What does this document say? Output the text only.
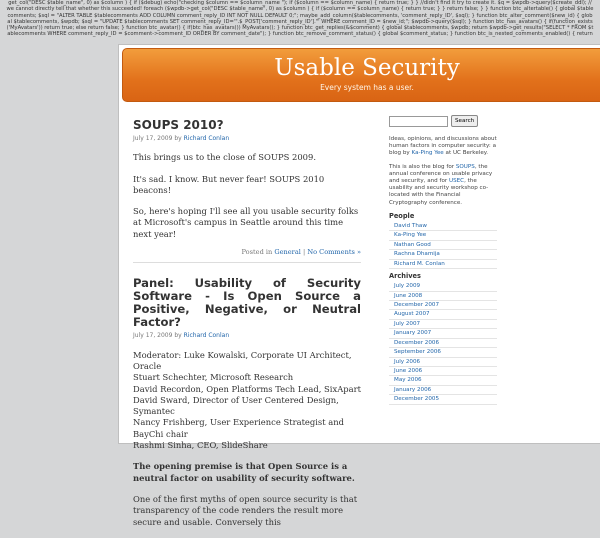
get_col("DESC $table_name", 0) as $column ) { if ($debug) echo("checking $column == $column_name "); if ($column == $column_name) { return true; } } //didn't find it try to create it. $q = $wpdb->query($create_ddl); // we cannot directly tell that whether this succeeded! foreach ($wpdb->get_col("DESC $table_name", 0) as $column ) { if ($column == $column_name) { return true; } } return false; } } function btc_altertable() { global $tablecomments; $sql = "ALTER TABLE $tablecomments ADD COLUMN comment_reply_ID INT NOT NULL DEFAULT 0;"; maybe_add_column($tablecomments, 'comment_reply_ID', $sql); } function btc_alter_comment($new_id) { global $tablecomments, $wpdb; $sql = "UPDATE $tablecomments SET comment_reply_ID='".$_POST['comment_reply_ID']."' WHERE comment_ID = $new_id;"; $wpdb->query($sql); } function btc_has_avatars() { if(function_exists('MyAvatars')) return true; else return false; } function btc_avatar() { if(btc_has_avatars()) MyAvatars(); } function btc_get_replies(&$comment) { global $tablecomments, $wpdb; return $wpdb->get_results("SELECT * FROM $tablecomments WHERE comment_reply_ID = $comment->comment_ID ORDER BY comment_date"); } function btc_remove_comment_status() { global $comment_status; } function btc_is_nested_comments_enabled() { return
Usable Security
Every system has a user.
SOUPS 2010?
July 17, 2009 by Richard Conlan

This brings us to the close of SOUPS 2009.

It's sad. I know. But never fear! SOUPS 2010 beacons!

So, here's hoping I'll see all you usable security folks at Microsoft's campus in Seattle around this time next year!

Posted in General | No Comments »
Panel: Usability of Security Software - Is Open Source a Positive, Negative, or Neutral Factor?
July 17, 2009 by Richard Conlan

Moderator: Luke Kowalski, Corporate UI Architect, Oracle

Stuart Schechter, Microsoft Research

David Recordon, Open Platforms Tech Lead, SixApart

David Sward, Director of User Centered Design, Symantec

Nancy Frishberg, User Experience Strategist and BayChi chair

Rashmi Sinha, CEO, SlideShare

The opening premise is that Open Source is a neutral factor on usability of security software.

One of the first myths of open source security is that transparency of the code renders the result more secure and usable. Conversely this

Search

Ideas, opinions, and discussions about human factors in computer security: a blog by Ka-Ping Yee at UC Berkeley.

This is also the blog for SOUPS, the annual conference on usable privacy and security, and for USEC, the usability and security workshop co-located with the Financial Cryptography conference.

People
David Thaw
Ka-Ping Yee
Nathan Good
Rachna Dhamija
Richard M. Conlan
Archives
July 2009
June 2008
December 2007
August 2007
July 2007
January 2007
December 2006
September 2006
July 2006
June 2006
May 2006
January 2006
December 2005
